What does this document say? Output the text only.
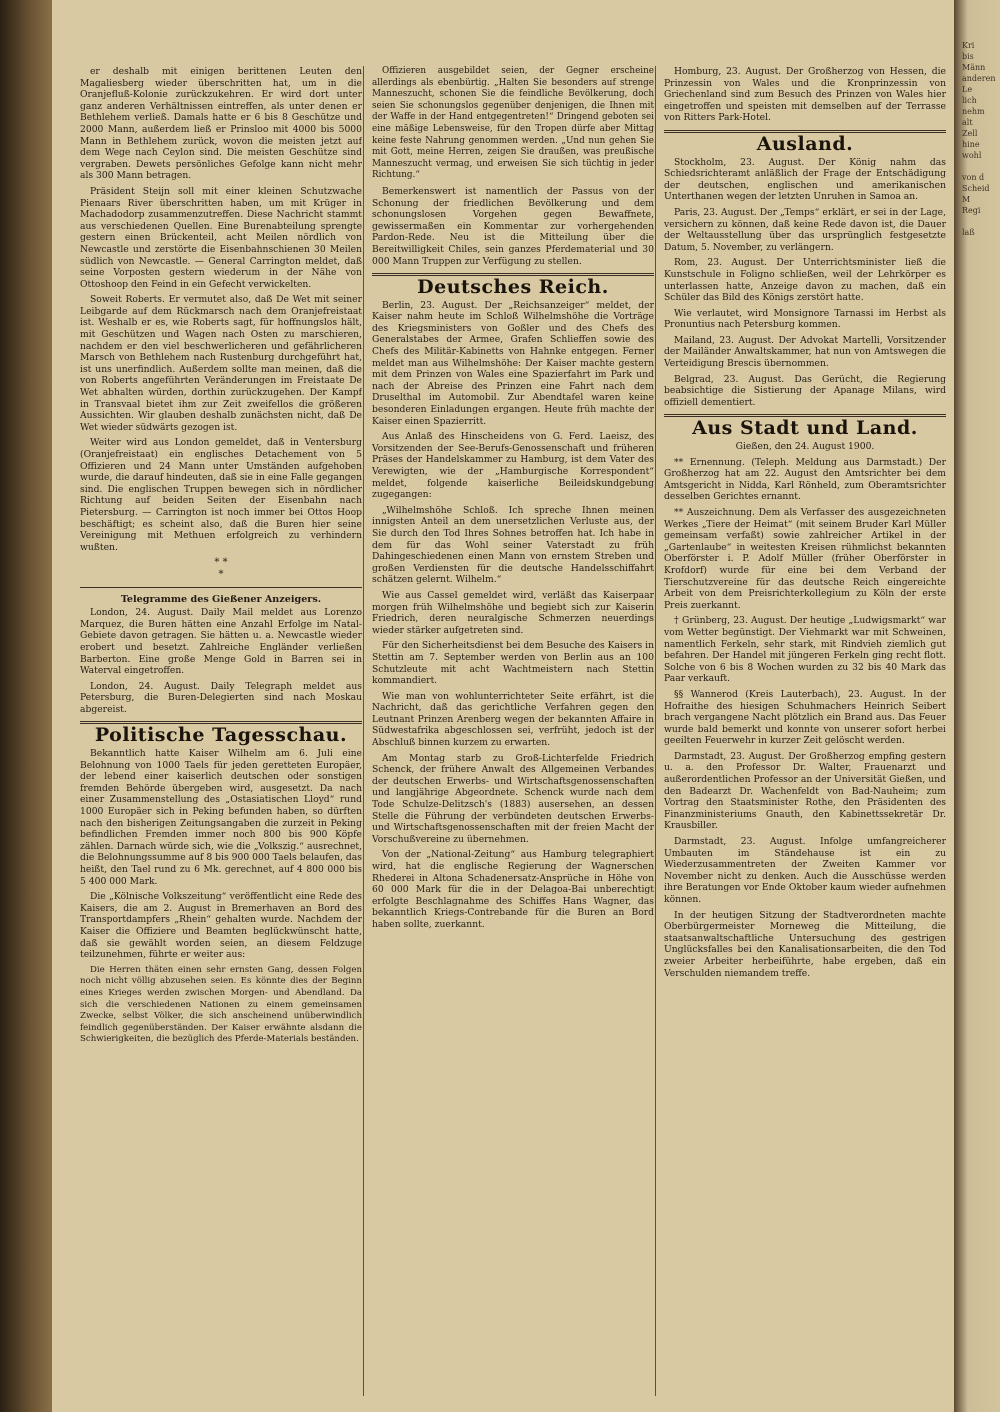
er deshalb mit einigen berittenen Leuten den Magaliesberg wieder überschritten hat, um in die Oranjefluß-Kolonie zurückzukehren. Er wird dort unter ganz anderen Verhältnissen eintreffen, als unter denen er Bethlehem verließ. Damals hatte er 6 bis 8 Geschütze und 2000 Mann, außerdem ließ er Prinsloo mit 4000 bis 5000 Mann in Bethlehem zurück, wovon die meisten jetzt auf dem Wege nach Ceylon sind. Die meisten Geschütze sind vergraben. Dewets persönliches Gefolge kann nicht mehr als 300 Mann betragen.

Präsident Steijn soll mit einer kleinen Schutzwache Pienaars River überschritten haben, um mit Krüger in Machadodorp zusammenzutreffen. Diese Nachricht stammt aus verschiedenen Quellen. Eine Burenabteilung sprengte gestern einen Brückenteil, acht Meilen nördlich von Newcastle und zerstörte die Eisenbahnschienen 30 Meilen südlich von Newcastle. — General Carrington meldet, daß seine Vorposten gestern wiederum in der Nähe von Ottoshoop den Feind in ein Gefecht verwickelten.

Soweit Roberts. Er vermutet also, daß De Wet mit seiner Leibgarde auf dem Rückmarsch nach dem Oranjefreistaat ist. Weshalb er es, wie Roberts sagt, für hoffnungslos hält, mit Geschützen und Wagen nach Osten zu marschieren, nachdem er den viel beschwerlicheren und gefährlicheren Marsch von Bethlehem nach Rustenburg durchgeführt hat, ist uns unerfindlich. Außerdem sollte man meinen, daß die von Roberts angeführten Veränderungen im Freistaate De Wet abhalten würden, dorthin zurückzugehen. Der Kampf in Transvaal bietet ihm zur Zeit zweifellos die größeren Aussichten. Wir glauben deshalb zunächsten nicht, daß De Wet wieder südwärts gezogen ist.

Weiter wird aus London gemeldet, daß in Ventersburg (Oranjefreistaat) ein englisches Detachement von 5 Offizieren und 24 Mann unter Umständen aufgehoben wurde, die darauf hindeuten, daß sie in eine Falle gegangen sind. Die englischen Truppen bewegen sich in nördlicher Richtung auf beiden Seiten der Eisenbahn nach Pietersburg. — Carrington ist noch immer bei Ottos Hoop beschäftigt; es scheint also, daß die Buren hier seine Vereinigung mit Methuen erfolgreich zu verhindern wußten.

* *
*

Telegramme des Gießener Anzeigers.

London, 24. August. Daily Mail meldet aus Lorenzo Marquez, die Buren hätten eine Anzahl Erfolge im Natal-Gebiete davon getragen. Sie hätten u. a. Newcastle wieder erobert und besetzt. Zahlreiche Engländer verließen Barberton. Eine große Menge Gold in Barren sei in Waterval eingetroffen.

London, 24. August. Daily Telegraph meldet aus Petersburg, die Buren-Delegierten sind nach Moskau abgereist.

Politische Tagesschau.

Bekanntlich hatte Kaiser Wilhelm am 6. Juli eine Belohnung von 1000 Taels für jeden geretteten Europäer, der lebend einer kaiserlich deutschen oder sonstigen fremden Behörde übergeben wird, ausgesetzt. Da nach einer Zusammenstellung des „Ostasiatischen Lloyd“ rund 1000 Europäer sich in Peking befunden haben, so dürften nach den bisherigen Zeitungsangaben die zurzeit in Peking befindlichen Fremden immer noch 800 bis 900 Köpfe zählen. Darnach würde sich, wie die „Volkszig.“ ausrechnet, die Belohnungssumme auf 8 bis 900 000 Taels belaufen, das heißt, den Tael rund zu 6 Mk. gerechnet, auf 4 800 000 bis 5 400 000 Mark.

Die „Kölnische Volkszeitung“ veröffentlicht eine Rede des Kaisers, die am 2. August in Bremerhaven an Bord des Transportdampfers „Rhein“ gehalten wurde. Nachdem der Kaiser die Offiziere und Beamten beglückwünscht hatte, daß sie gewählt worden seien, an diesem Feldzuge teilzunehmen, führte er weiter aus:

Die Herren thäten einen sehr ernsten Gang, dessen Folgen noch nicht völlig abzusehen seien. Es könnte dies der Beginn eines Krieges werden zwischen Morgen- und Abendland. Da sich die verschiedenen Nationen zu einem gemeinsamen Zwecke, selbst Völker, die sich anscheinend unüberwindlich feindlich gegenüberständen. Der Kaiser erwähnte alsdann die Schwierigkeiten, die bezüglich des Pferde-Materials beständen.

Offizieren ausgebildet seien, der Gegner erscheine allerdings als ebenbürtig. „Halten Sie besonders auf strenge Manneszucht, schonen Sie die feindliche Bevölkerung, doch seien Sie schonungslos gegenüber denjenigen, die Ihnen mit der Waffe in der Hand entgegentreten!“ Dringend geboten sei eine mäßige Lebensweise, für den Tropen dürfe aber Mittag keine feste Nahrung genommen werden. „Und nun gehen Sie mit Gott, meine Herren, zeigen Sie draußen, was preußische Manneszucht vermag, und erweisen Sie sich tüchtig in jeder Richtung.“

Bemerkenswert ist namentlich der Passus von der Schonung der friedlichen Bevölkerung und dem schonungslosen Vorgehen gegen Bewaffnete, gewissermaßen ein Kommentar zur vorhergehenden Pardon-Rede. Neu ist die Mitteilung über die Bereitwilligkeit Chiles, sein ganzes Pferdematerial und 30 000 Mann Truppen zur Verfügung zu stellen.

Deutsches Reich.

Berlin, 23. August. Der „Reichsanzeiger“ meldet, der Kaiser nahm heute im Schloß Wilhelmshöhe die Vorträge des Kriegsministers von Goßler und des Chefs des Generalstabes der Armee, Grafen Schlieffen sowie des Chefs des Militär-Kabinetts von Hahnke entgegen. Ferner meldet man aus Wilhelmshöhe: Der Kaiser machte gestern mit dem Prinzen von Wales eine Spazierfahrt im Park und nach der Abreise des Prinzen eine Fahrt nach dem Druselthal im Automobil. Zur Abendtafel waren keine besonderen Einladungen ergangen. Heute früh machte der Kaiser einen Spazierritt.

Aus Anlaß des Hinscheidens von G. Ferd. Laeisz, des Vorsitzenden der See-Berufs-Genossenschaft und früheren Präses der Handelskammer zu Hamburg, ist dem Vater des Verewigten, wie der „Hamburgische Korrespondent“ meldet, folgende kaiserliche Beileidskundgebung zugegangen:

„Wilhelmshöhe Schloß. Ich spreche Ihnen meinen innigsten Anteil an dem unersetzlichen Verluste aus, der Sie durch den Tod Ihres Sohnes betroffen hat. Ich habe in dem für das Wohl seiner Vaterstadt zu früh Dahingeschiedenen einen Mann von ernstem Streben und großen Verdiensten für die deutsche Handelsschiffahrt schätzen gelernt. Wilhelm.“

Wie aus Cassel gemeldet wird, verläßt das Kaiserpaar morgen früh Wilhelmshöhe und begiebt sich zur Kaiserin Friedrich, deren neuralgische Schmerzen neuerdings wieder stärker aufgetreten sind.

Für den Sicherheitsdienst bei dem Besuche des Kaisers in Stettin am 7. September werden von Berlin aus an 100 Schutzleute mit acht Wachtmeistern nach Stettin kommandiert.

Wie man von wohlunterrichteter Seite erfährt, ist die Nachricht, daß das gerichtliche Verfahren gegen den Leutnant Prinzen Arenberg wegen der bekannten Affaire in Südwestafrika abgeschlossen sei, verfrüht, jedoch ist der Abschluß binnen kurzem zu erwarten.

Am Montag starb zu Groß-Lichterfelde Friedrich Schenck, der frühere Anwalt des Allgemeinen Verbandes der deutschen Erwerbs- und Wirtschaftsgenossenschaften und langjährige Abgeordnete. Schenck wurde nach dem Tode Schulze-Delitzsch's (1883) ausersehen, an dessen Stelle die Führung der verbündeten deutschen Erwerbs- und Wirtschaftsgenossenschaften mit der freien Macht der Vorschußvereine zu übernehmen.

Von der „National-Zeitung“ aus Hamburg telegraphiert wird, hat die englische Regierung der Wagnerschen Rhederei in Altona Schadenersatz-Ansprüche in Höhe von 60 000 Mark für die in der Delagoa-Bai unberechtigt erfolgte Beschlagnahme des Schiffes Hans Wagner, das bekanntlich Kriegs-Contrebande für die Buren an Bord haben sollte, zuerkannt.

Homburg, 23. August. Der Großherzog von Hessen, die Prinzessin von Wales und die Kronprinzessin von Griechenland sind zum Besuch des Prinzen von Wales hier eingetroffen und speisten mit demselben auf der Terrasse von Ritters Park-Hotel.

Ausland.

Stockholm, 23. August. Der König nahm das Schiedsrichteramt anläßlich der Frage der Entschädigung der deutschen, englischen und amerikanischen Unterthanen wegen der letzten Unruhen in Samoa an.

Paris, 23. August. Der „Temps“ erklärt, er sei in der Lage, versichern zu können, daß keine Rede davon ist, die Dauer der Weltausstellung über das ursprünglich festgesetzte Datum, 5. November, zu verlängern.

Rom, 23. August. Der Unterrichtsminister ließ die Kunstschule in Foligno schließen, weil der Lehrkörper es unterlassen hatte, Anzeige davon zu machen, daß ein Schüler das Bild des Königs zerstört hatte.

Wie verlautet, wird Monsignore Tarnassi im Herbst als Pronuntius nach Petersburg kommen.

Mailand, 23. August. Der Advokat Martelli, Vorsitzender der Mailänder Anwaltskammer, hat nun von Amtswegen die Verteidigung Brescis übernommen.

Belgrad, 23. August. Das Gerücht, die Regierung beabsichtige die Sistierung der Apanage Milans, wird offiziell dementiert.

Aus Stadt und Land.

Gießen, den 24. August 1900.

** Ernennung. (Teleph. Meldung aus Darmstadt.) Der Großherzog hat am 22. August den Amtsrichter bei dem Amtsgericht in Nidda, Karl Rönheld, zum Oberamtsrichter desselben Gerichtes ernannt.

** Auszeichnung. Dem als Verfasser des ausgezeichneten Werkes „Tiere der Heimat“ (mit seinem Bruder Karl Müller gemeinsam verfaßt) sowie zahlreicher Artikel in der „Gartenlaube“ in weitesten Kreisen rühmlichst bekannten Oberförster i. P. Adolf Müller (früher Oberförster in Krofdorf) wurde für eine bei dem Verband der Tierschutzvereine für das deutsche Reich eingereichte Arbeit von dem Preisrichterkollegium zu Köln der erste Preis zuerkannt.

† Grünberg, 23. August. Der heutige „Ludwigsmarkt“ war vom Wetter begünstigt. Der Viehmarkt war mit Schweinen, namentlich Ferkeln, sehr stark, mit Rindvieh ziemlich gut befahren. Der Handel mit jüngeren Ferkeln ging recht flott. Solche von 6 bis 8 Wochen wurden zu 32 bis 40 Mark das Paar verkauft.

§§ Wannerod (Kreis Lauterbach), 23. August. In der Hofraithe des hiesigen Schuhmachers Heinrich Seibert brach vergangene Nacht plötzlich ein Brand aus. Das Feuer wurde bald bemerkt und konnte von unserer sofort herbei geeilten Feuerwehr in kurzer Zeit gelöscht werden.

Darmstadt, 23. August. Der Großherzog empfing gestern u. a. den Professor Dr. Walter, Frauenarzt und außerordentlichen Professor an der Universität Gießen, und den Badearzt Dr. Wachenfeldt von Bad-Nauheim; zum Vortrag den Staatsminister Rothe, den Präsidenten des Finanzministeriums Gnauth, den Kabinettssekretär Dr. Krausbiller.

Darmstadt, 23. August. Infolge umfangreicherer Umbauten im Ständehause ist ein zu Wiederzusammentreten der Zweiten Kammer vor November nicht zu denken. Auch die Ausschüsse werden ihre Beratungen vor Ende Oktober kaum wieder aufnehmen können.

In der heutigen Sitzung der Stadtverordneten machte Oberbürgermeister Morneweg die Mitteilung, die staatsanwaltschaftliche Untersuchung des gestrigen Unglücksfalles bei den Kanalisationsarbeiten, die den Tod zweier Arbeiter herbeiführte, habe ergeben, daß ein Verschulden niemandem treffe.

Kri
bis
Männ
anderen
Le
lich
nehm
alt
Zell
hine
wohl

von d
Scheid
M
Regi

laß
